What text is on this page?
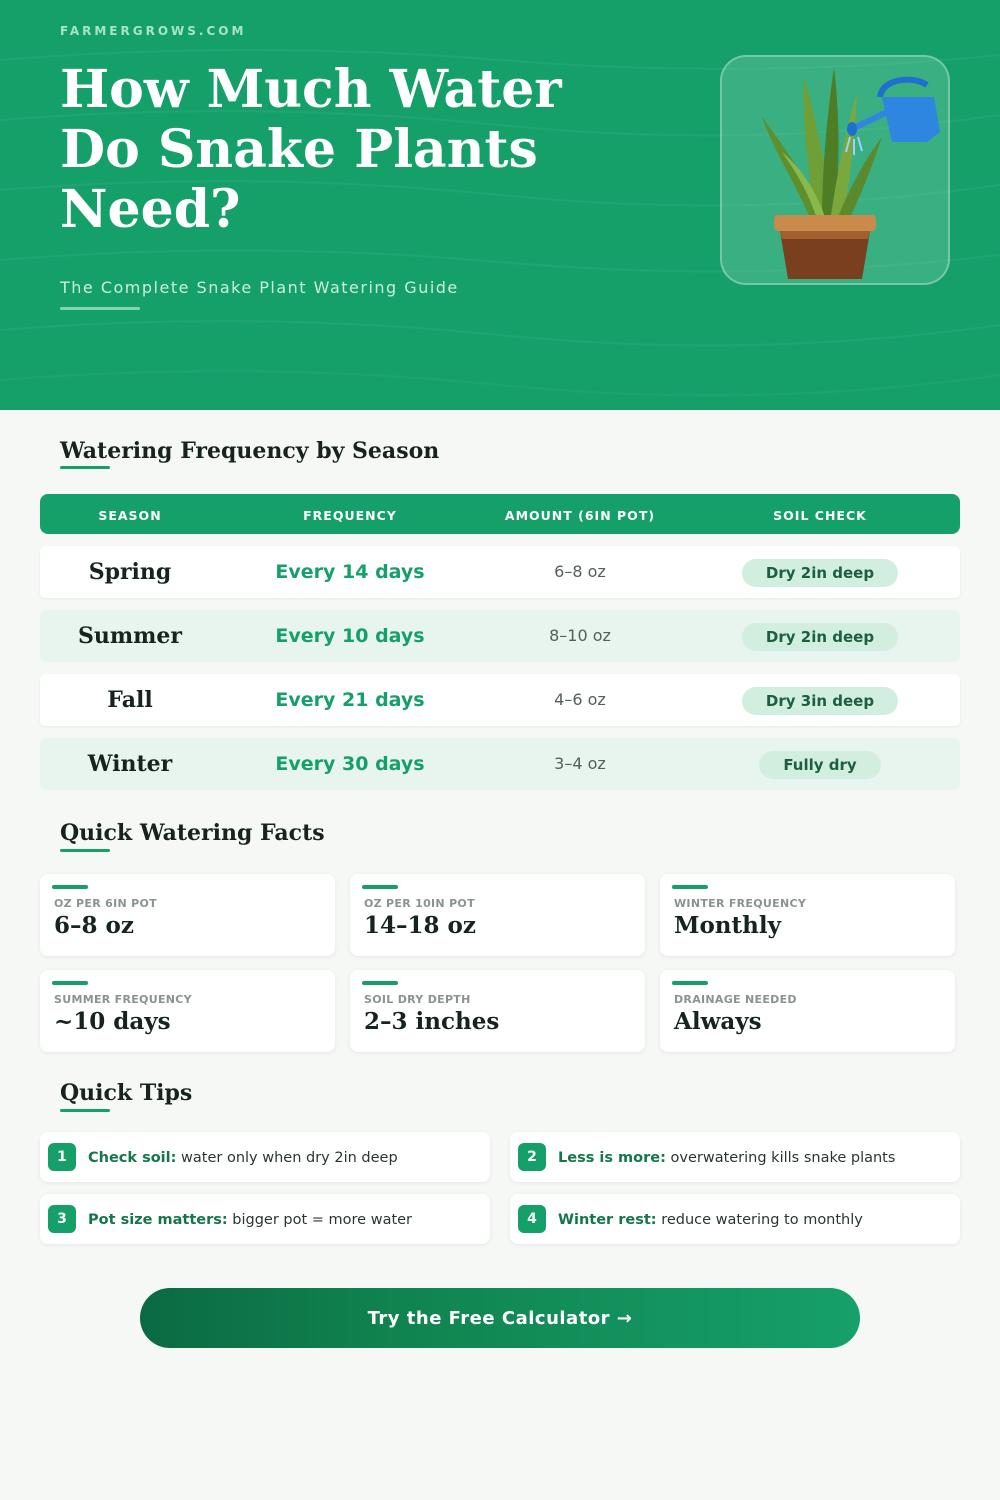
FARMERGROWS.COM
How Much Water Do Snake Plants Need?
The Complete Snake Plant Watering Guide
Watering Frequency by Season
SEASON	FREQUENCY	AMOUNT (6IN POT)	SOIL CHECK
Spring	Every 14 days	6–8 oz	Dry 2in deep
Summer	Every 10 days	8–10 oz	Dry 2in deep
Fall	Every 21 days	4–6 oz	Dry 3in deep
Winter	Every 30 days	3–4 oz	Fully dry
Quick Watering Facts
OZ PER 6IN POT
6–8 oz
OZ PER 10IN POT
14–18 oz
WINTER FREQUENCY
Monthly
SUMMER FREQUENCY
~10 days
SOIL DRY DEPTH
2–3 inches
DRAINAGE NEEDED
Always
Quick Tips
1	Check soil: water only when dry 2in deep	2	Less is more: overwatering kills snake plants
3	Pot size matters: bigger pot = more water	4	Winter rest: reduce watering to monthly
Try the Free Calculator →
